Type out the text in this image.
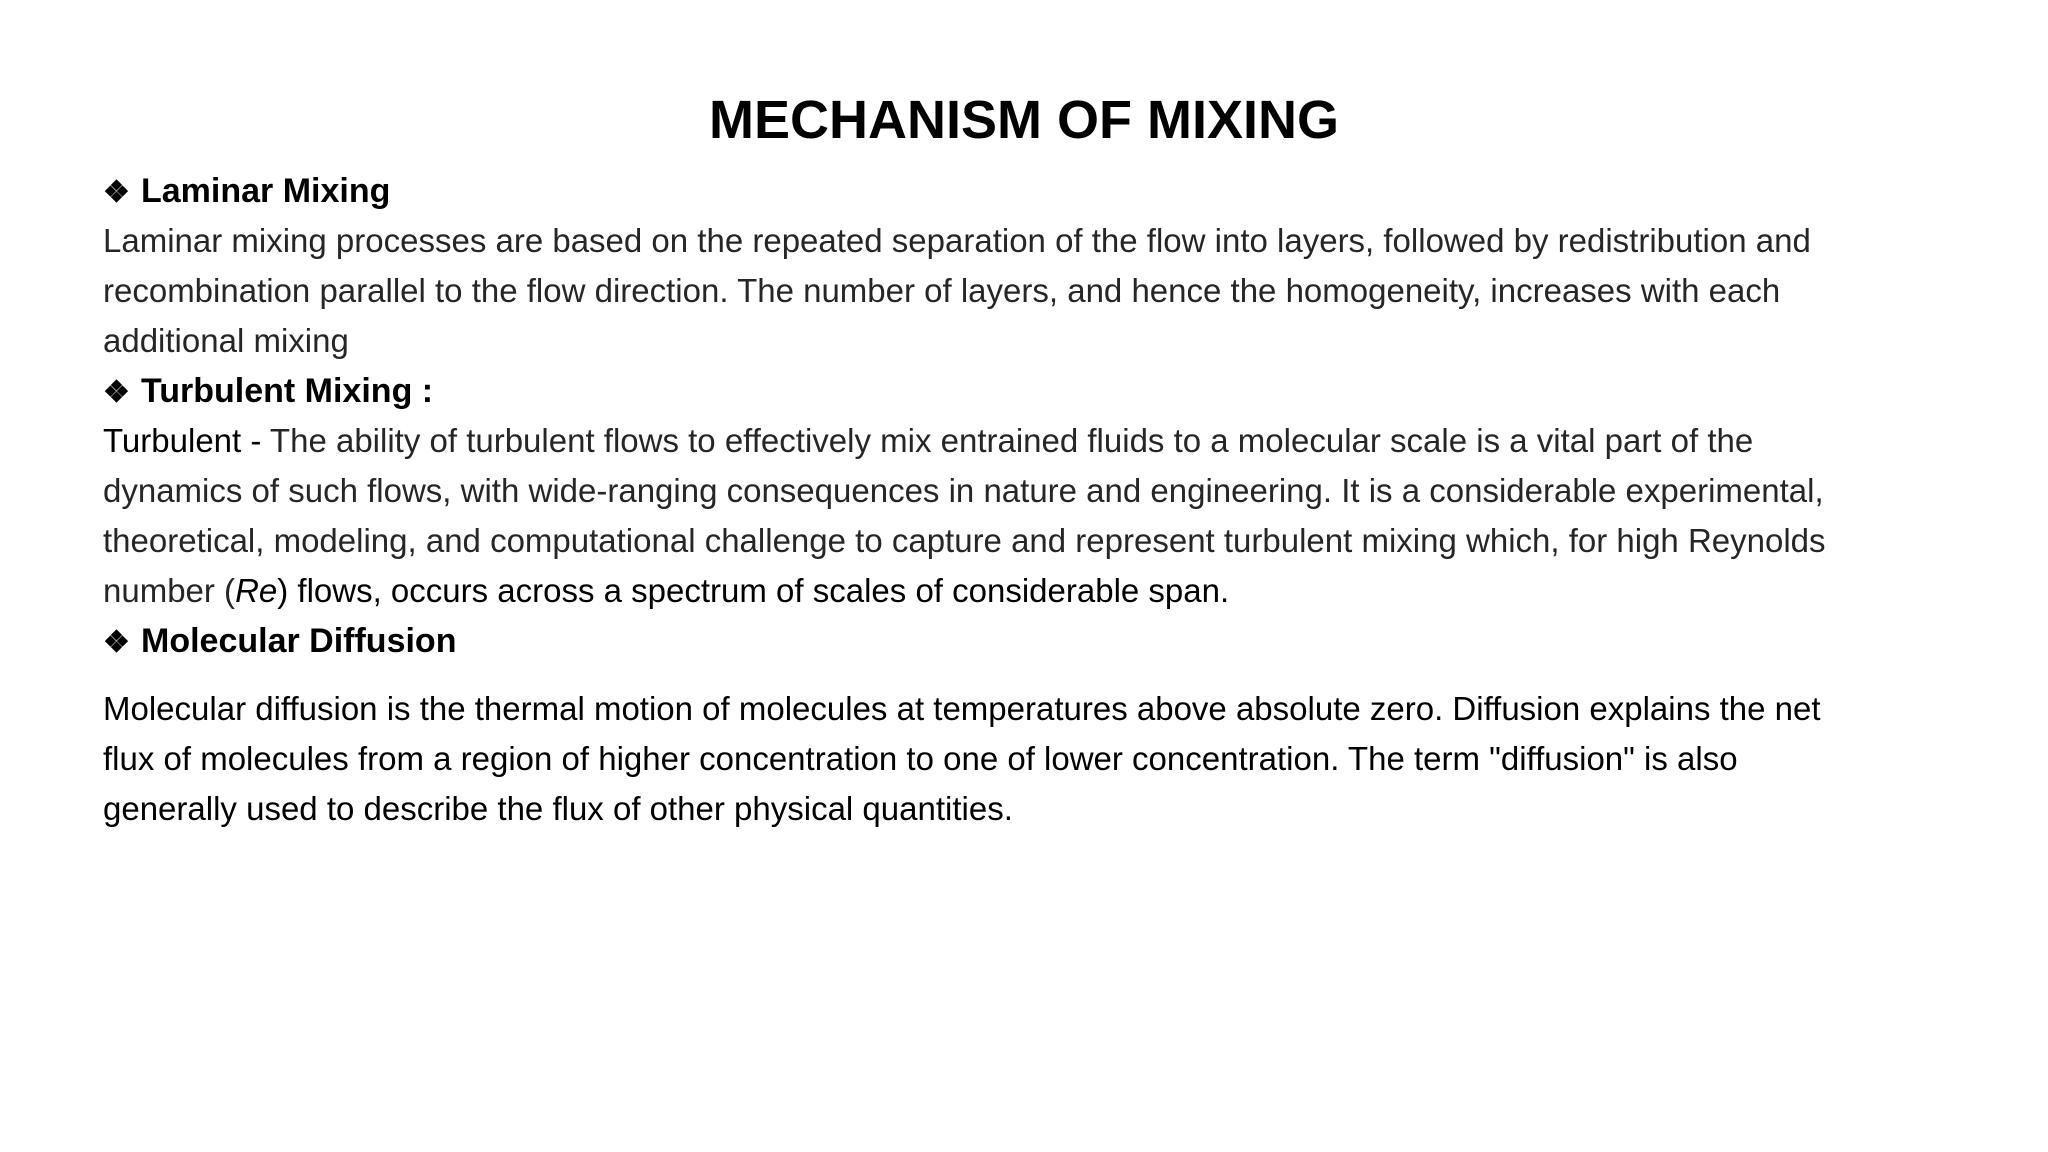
MECHANISM OF MIXING
❖ Laminar Mixing
Laminar mixing processes are based on the repeated separation of the flow into layers, followed by redistribution and
recombination parallel to the flow direction. The number of layers, and hence the homogeneity, increases with each
additional mixing
❖ Turbulent Mixing :
Turbulent - The ability of turbulent flows to effectively mix entrained fluids to a molecular scale is a vital part of the
dynamics of such flows, with wide-ranging consequences in nature and engineering. It is a considerable experimental,
theoretical, modeling, and computational challenge to capture and represent turbulent mixing which, for high Reynolds
number (Re) flows, occurs across a spectrum of scales of considerable span.
❖ Molecular Diffusion
Molecular diffusion is the thermal motion of molecules at temperatures above absolute zero. Diffusion explains the net
flux of molecules from a region of higher concentration to one of lower concentration. The term "diffusion" is also
generally used to describe the flux of other physical quantities.
